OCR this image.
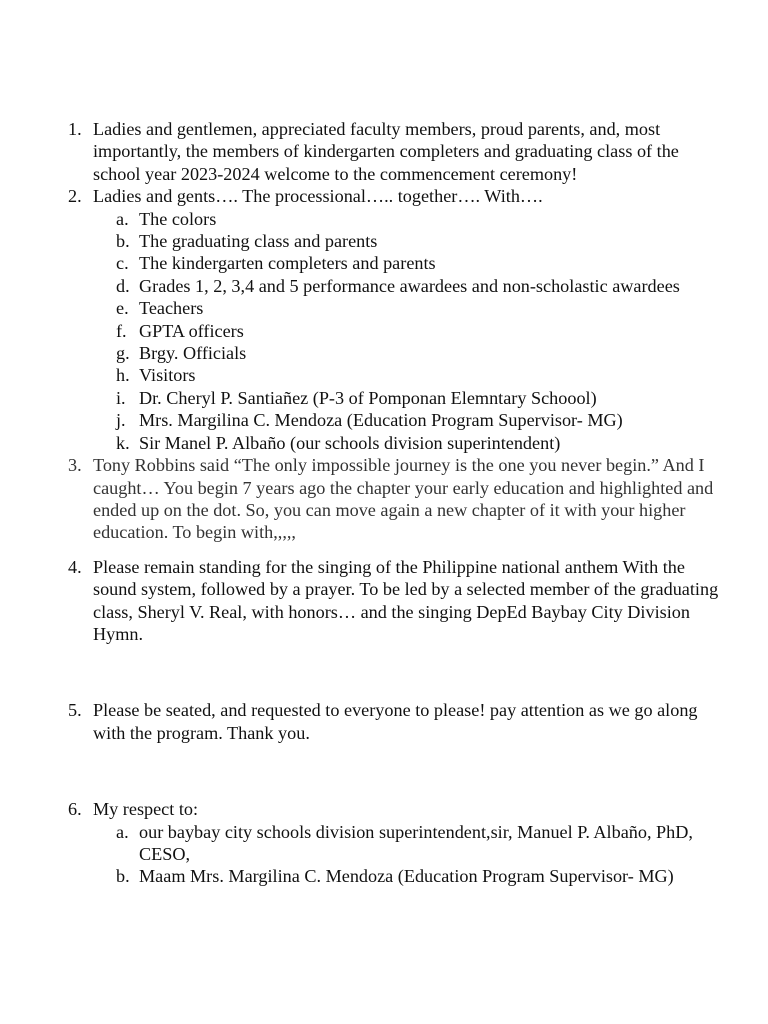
1. Ladies and gentlemen, appreciated faculty members, proud parents, and, most importantly, the members of kindergarten completers and graduating class of the school year 2023-2024 welcome to the commencement ceremony!
2. Ladies and gents…. The processional….. together…. With….
a. The colors
b. The graduating class and parents
c. The kindergarten completers and parents
d. Grades 1, 2, 3,4 and 5 performance awardees and non-scholastic awardees
e. Teachers
f. GPTA officers
g. Brgy. Officials
h. Visitors
i. Dr. Cheryl P. Santiañez (P-3 of Pomponan Elemntary Schoool)
j. Mrs. Margilina C. Mendoza (Education Program Supervisor- MG)
k. Sir Manel P. Albaño (our schools division superintendent)
3. Tony Robbins said “The only impossible journey is the one you never begin.” And I caught… You begin 7 years ago the chapter your early education and highlighted and ended up on the dot. So, you can move again a new chapter of it with your higher education. To begin with,,,,,
4. Please remain standing for the singing of the Philippine national anthem With the sound system, followed by a prayer. To be led by a selected member of the graduating class, Sheryl V. Real, with honors… and the singing DepEd Baybay City Division Hymn.
5. Please be seated, and requested to everyone to please! pay attention as we go along with the program. Thank you.
6. My respect to:
a. our baybay city schools division superintendent,sir, Manuel P. Albaño, PhD, CESO,
b. Maam Mrs. Margilina C. Mendoza (Education Program Supervisor- MG)
